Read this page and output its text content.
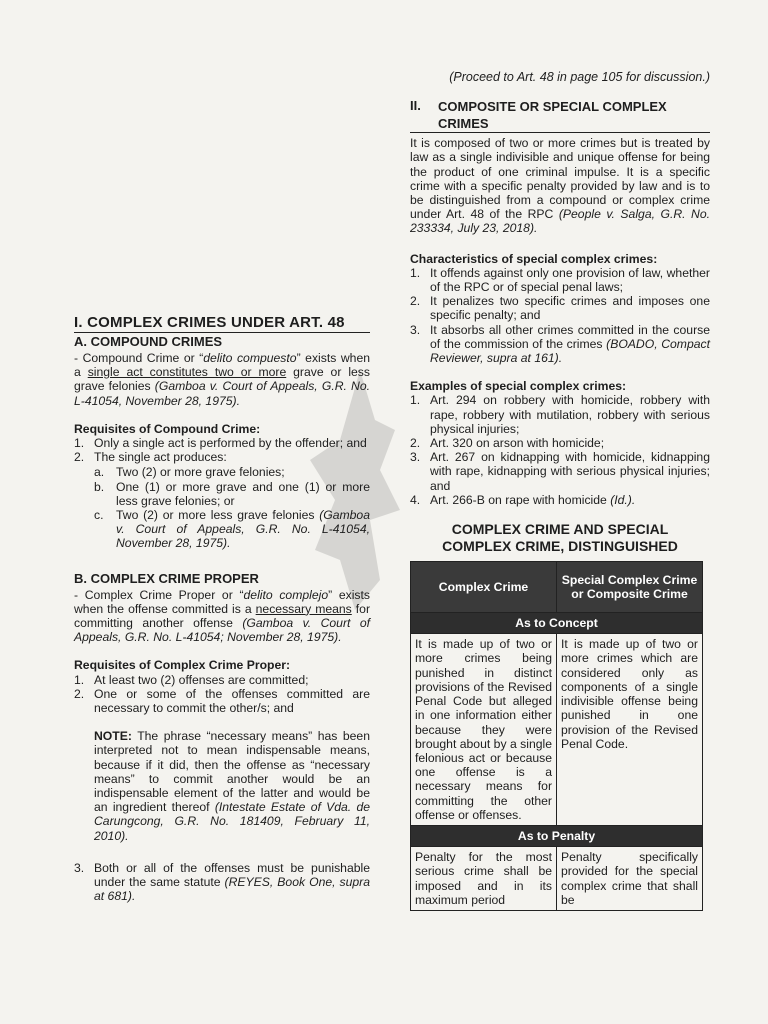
(Proceed to Art. 48 in page 105 for discussion.)
II.	COMPOSITE OR SPECIAL COMPLEX CRIMES
It is composed of two or more crimes but is treated by law as a single indivisible and unique offense for being the product of one criminal impulse. It is a specific crime with a specific penalty provided by law and is to be distinguished from a compound or complex crime under Art. 48 of the RPC (People v. Salga, G.R. No. 233334, July 23, 2018).
Characteristics of special complex crimes:
1. It offends against only one provision of law, whether of the RPC or of special penal laws;
2. It penalizes two specific crimes and imposes one specific penalty; and
3. It absorbs all other crimes committed in the course of the commission of the crimes (BOADO, Compact Reviewer, supra at 161).
Examples of special complex crimes:
1. Art. 294 on robbery with homicide, robbery with rape, robbery with mutilation, robbery with serious physical injuries;
2. Art. 320 on arson with homicide;
3. Art. 267 on kidnapping with homicide, kidnapping with rape, kidnapping with serious physical injuries; and
4. Art. 266-B on rape with homicide (Id.).
COMPLEX CRIME AND SPECIAL COMPLEX CRIME, DISTINGUISHED
Complex Crime	Special Complex Crime or Composite Crime
As to Concept	
It is made up of two or more crimes being punished in distinct provisions of the Revised Penal Code but alleged in one information either because they were brought about by a single felonious act or because one offense is a necessary means for committing the other offense or offenses.	It is made up of two or more crimes which are considered only as components of a single indivisible offense being punished in one provision of the Revised Penal Code.
As to Penalty	
Penalty for the most serious crime shall be imposed and in its maximum period	Penalty specifically provided for the special complex crime that shall be
I. COMPLEX CRIMES UNDER ART. 48
A. COMPOUND CRIMES
- Compound Crime or “delito compuesto” exists when a single act constitutes two or more grave or less grave felonies (Gamboa v. Court of Appeals, G.R. No. L-41054, November 28, 1975).
Requisites of Compound Crime:
1. Only a single act is performed by the offender; and
2. The single act produces:
a. Two (2) or more grave felonies;
b. One (1) or more grave and one (1) or more less grave felonies; or
c. Two (2) or more less grave felonies (Gamboa v. Court of Appeals, G.R. No. L-41054, November 28, 1975).
B. COMPLEX CRIME PROPER
- Complex Crime Proper or “delito complejo” exists when the offense committed is a necessary means for committing another offense (Gamboa v. Court of Appeals, G.R. No. L-41054; November 28, 1975).
Requisites of Complex Crime Proper:
1. At least two (2) offenses are committed;
2. One or some of the offenses committed are necessary to commit the other/s; and
NOTE: The phrase “necessary means” has been interpreted not to mean indispensable means, because if it did, then the offense as “necessary means” to commit another would be an indispensable element of the latter and would be an ingredient thereof (Intestate Estate of Vda. de Carungcong, G.R. No. 181409, February 11, 2010).
3. Both or all of the offenses must be punishable under the same statute (REYES, Book One, supra at 681).
